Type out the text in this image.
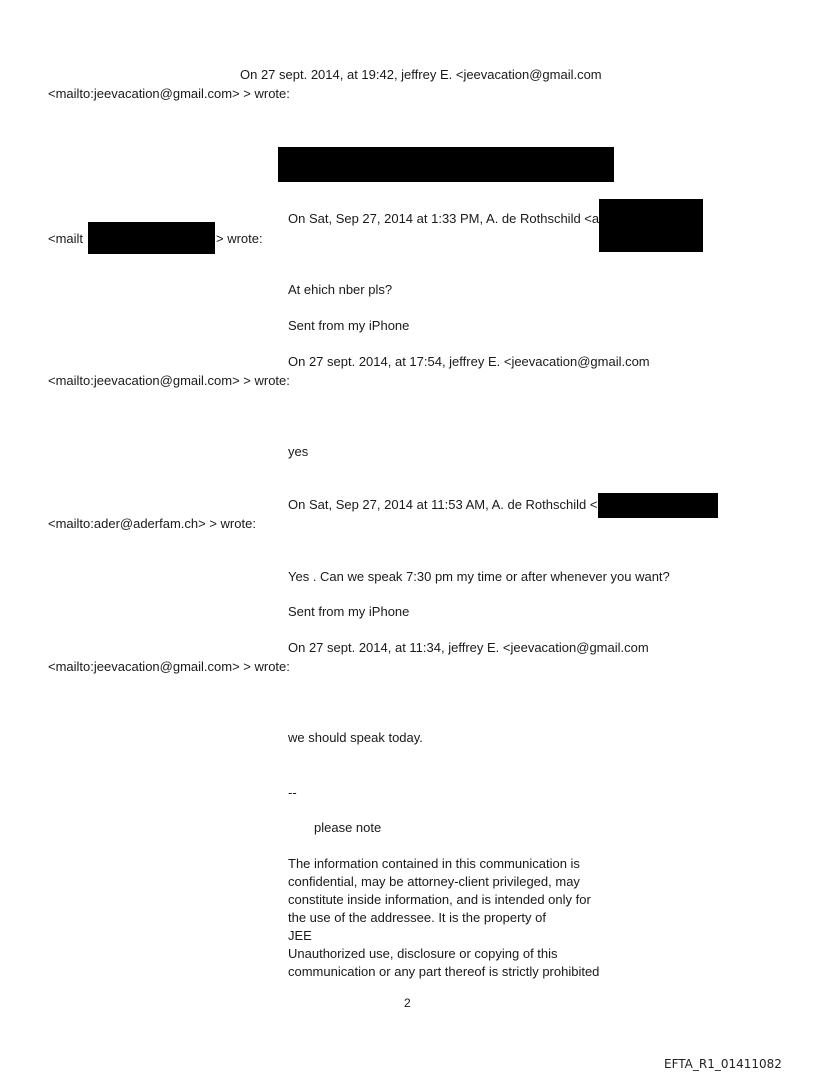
On 27 sept. 2014, at 19:42, jeffrey E. <jeevacation@gmail.com
<mailto:jeevacation@gmail.com> > wrote:
On Sat, Sep 27, 2014 at 1:33 PM, A. de Rothschild <a
<mailt	> wrote:
At ehich nber pls?
Sent from my iPhone
On 27 sept. 2014, at 17:54, jeffrey E. <jeevacation@gmail.com
<mailto:jeevacation@gmail.com> > wrote:
yes
On Sat, Sep 27, 2014 at 11:53 AM, A. de Rothschild <
<mailto:ader@aderfam.ch> > wrote:
Yes . Can we speak 7:30 pm my time or after whenever you want?
Sent from my iPhone
On 27 sept. 2014, at 11:34, jeffrey E. <jeevacation@gmail.com
<mailto:jeevacation@gmail.com> > wrote:
we should speak today.
--
please note
The information contained in this communication is
confidential, may be attorney-client privileged, may
constitute inside information, and is intended only for
the use of the addressee. It is the property of
JEE
Unauthorized use, disclosure or copying of this
communication or any part thereof is strictly prohibited
2
EFTA_R1_01411082
